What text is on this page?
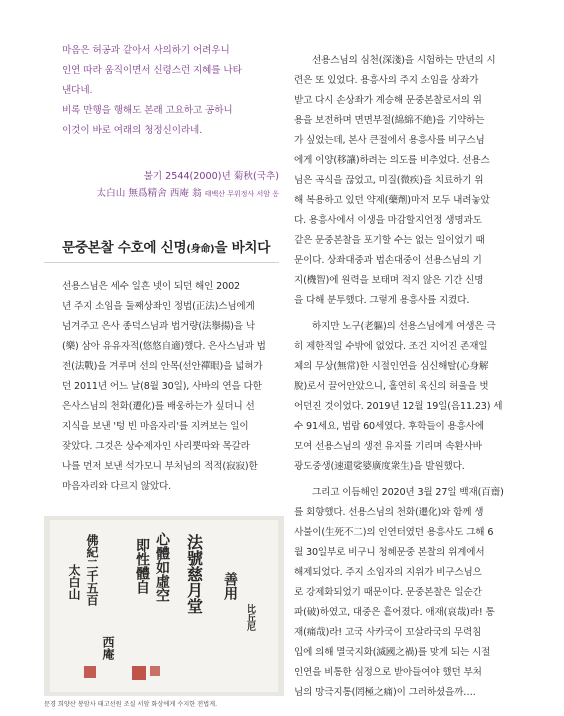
마음은 허공과 같아서 사의하기 어려우니
인연 따라 움직이면서 신령스런 지혜를 나타
낸다네.
비록 만행을 행해도 본래 고요하고 공하니
이것이 바로 여래의 청정신이라네.
불기 2544(2000)년 菊秋(국추)
太白山 無爲精舍 西庵 翁 태백산 무위정사 서암 옹
문중본찰 수호에 신명(身命)을 바치다
선용스님은 세수 일흔 넷이 되던 해인 2002
년 주지 소임을 둘째상좌인 정법(正法)스님에게
넘겨주고 은사 종덕스님과 법거량(法擧揚)을 낙
(樂) 삼아 유유자적(悠悠自適)했다. 은사스님과 법
전(法戰)을 겨루며 선의 안목(선안禪眼)을 넓혀가
던 2011년 어느 날(8월 30일), 사바의 연을 다한
은사스님의 천화(遷化)를 배웅하는가 싶더니 선
지식을 보낸 '텅 빈 마음자리'를 지켜보는 일이
잦았다. 그것은 상수제자인 사리뿟따와 목갈라
나를 먼저 보낸 석가모니 부처님의 적적(寂寂)한
마음자리와 다르지 않았다.
法號慈月堂 善用
比丘尼
心體如虛空
即性體自
佛紀二千五百
太白山
西庵
문경 희양산 봉암사 태고선원 조실 서암 화상에게 수지한 전법게.
선용스님의 심천(深淺)을 시험하는 만년의 시
련은 또 있었다. 용흥사의 주지 소임을 상좌가
받고 다시 손상좌가 계승해 문중본찰로서의 위
용을 보전하며 면면부절(綿綿不絶)을 기약하는
가 싶었는데, 본사 큰절에서 용흥사를 비구스님
에게 이양(移讓)하려는 의도를 비추었다. 선용스
님은 곡식을 끊었고, 미질(微疾)을 치료하기 위
해 복용하고 있던 약제(藥劑)마저 모두 내려놓았
다. 용흥사에서 이생을 마감할지언정 생명과도
같은 문중본찰을 포기할 수는 없는 일이었기 때
문이다. 상좌대중과 법손대중이 선용스님의 기
지(機智)에 원력을 보태며 적지 않은 기간 신명
을 다해 분투했다. 그렇게 용흥사를 지켰다.
하지만 노구(老軀)의 선용스님에게 여생은 극
히 제한적일 수밖에 없었다. 조건 지어진 존재일
체의 무상(無常)한 시절인연을 심신해탈(心身解
脫)로서 끌어안았으니, 홀연히 육신의 허울을 벗
어던진 것이었다. 2019년 12월 19일(음11.23) 세
수 91세요, 법랍 60세였다. 후학들이 용흥사에
모여 선용스님의 생전 유지를 기리며 속환사바
광도중생(速還娑婆廣度衆生)을 발원했다.
그리고 이듬해인 2020년 3월 27일 백재(百齋)
를 회향했다. 선용스님의 천화(遷化)와 함께 생
사불이(生死不二)의 인연터였던 용흥사도 그해 6
월 30일부로 비구니 청혜문중 본찰의 위계에서
해제되었다. 주지 소임자의 지위가 비구스님으
로 강제화되었기 때문이다. 문중본찰은 일순간
파(破)하였고, 대중은 흩어졌다. 애재(哀哉)라! 통
재(痛哉)라! 고국 사카국이 꼬살라국의 무력침
입에 의해 멸국지화(滅國之禍)를 맞게 되는 시절
인연을 비통한 심정으로 받아들여야 했던 부처
님의 망극지통(罔極之痛)이 그러하셨을까….
